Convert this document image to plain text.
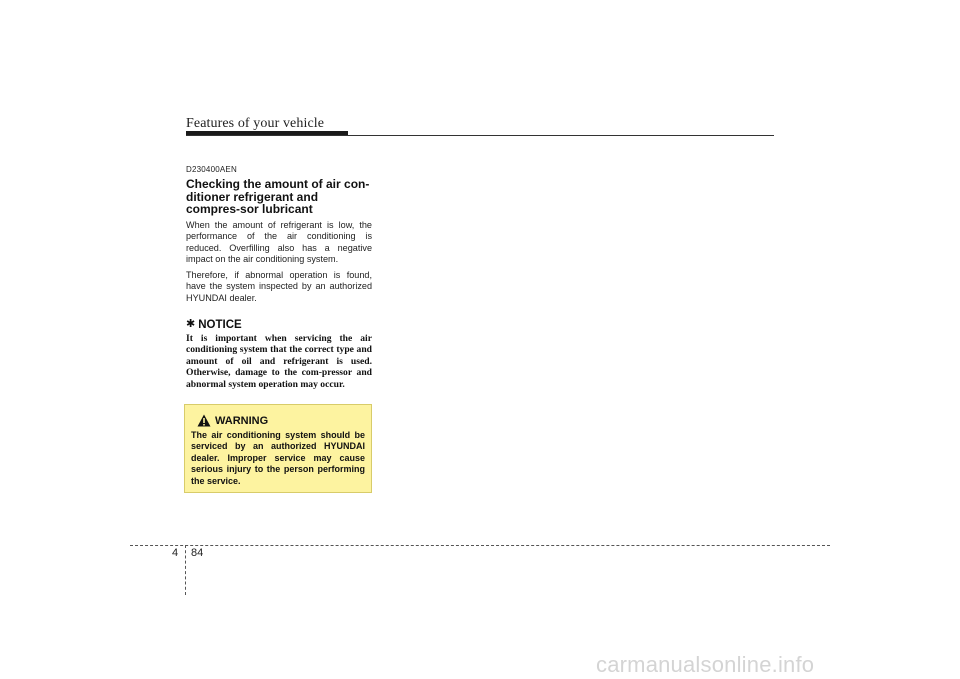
Features of your vehicle
D230400AEN
Checking the amount of air con-ditioner refrigerant and compres-sor lubricant

When the amount of refrigerant is low, the performance of the air conditioning is reduced. Overfilling also has a negative impact on the air conditioning system.

Therefore, if abnormal operation is found, have the system inspected by an authorized HYUNDAI dealer.

✱ NOTICE

It is important when servicing the air conditioning system that the correct type and amount of oil and refrigerant is used. Otherwise, damage to the com-pressor and abnormal system operation may occur.

WARNING

The air conditioning system should be serviced by an authorized HYUNDAI dealer. Improper service may cause serious injury to the person performing the service.

4 84
carmanualsonline.info
